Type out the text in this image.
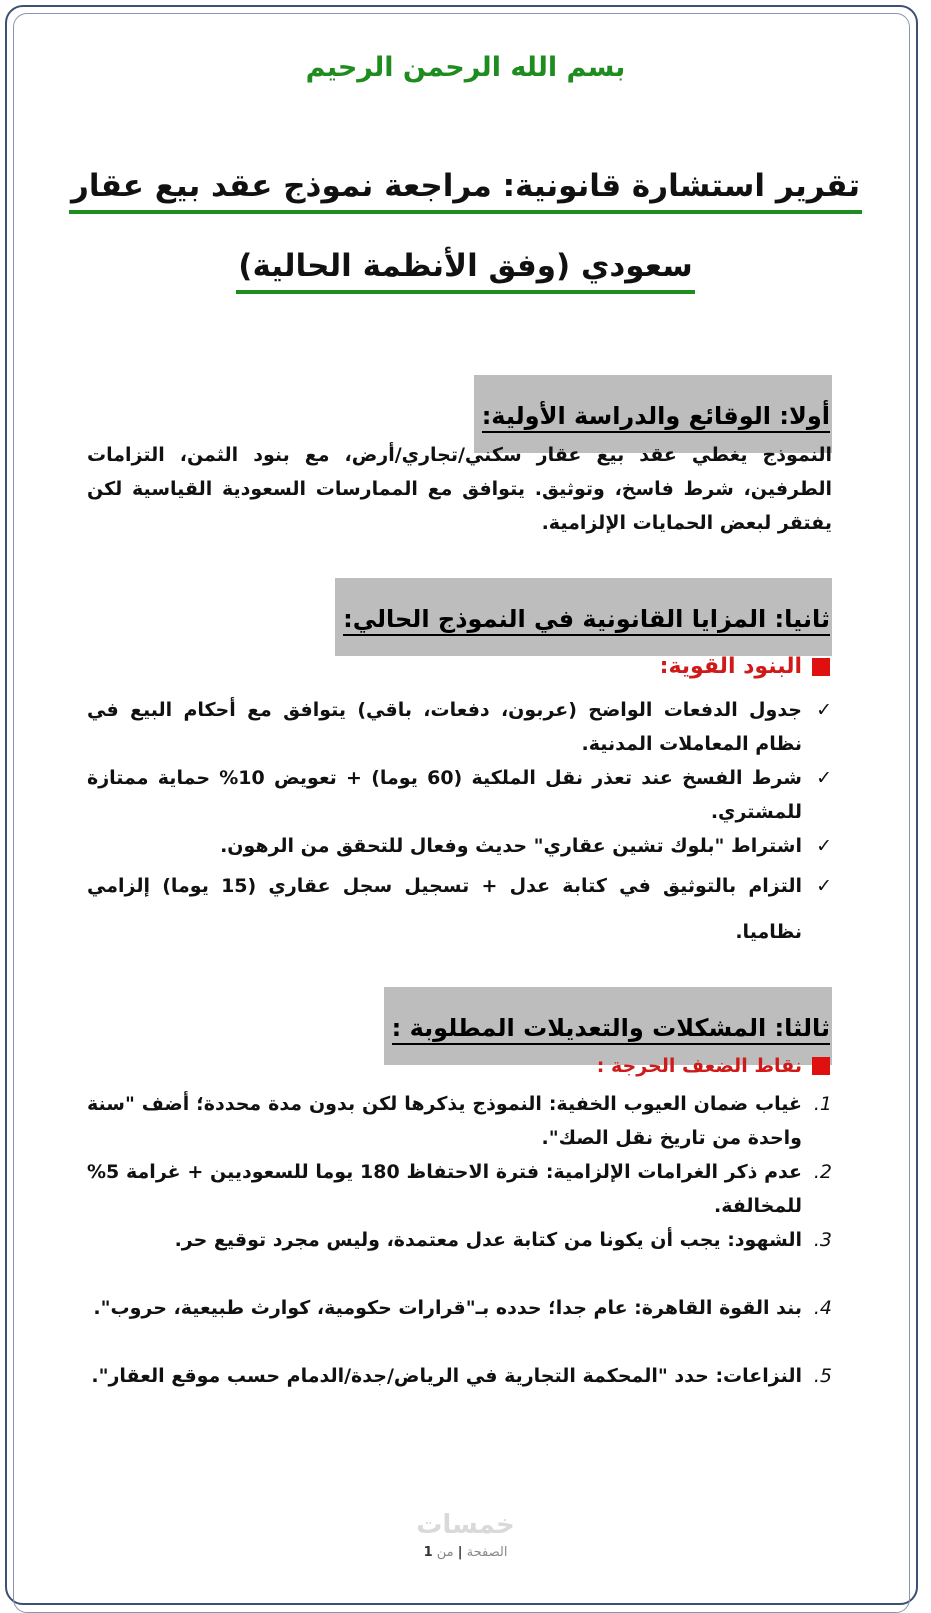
بسم الله الرحمن الرحيم
تقرير استشارة قانونية: مراجعة نموذج عقد بيع عقار
سعودي (وفق الأنظمة الحالية)
أولا: الوقائع والدراسة الأولية:
النموذج يغطي عقد بيع عقار سكني/تجاري/أرض، مع بنود الثمن، التزامات الطرفين، شرط فاسخ، وتوثيق. يتوافق مع الممارسات السعودية القياسية لكن يفتقر لبعض الحمايات الإلزامية.
ثانيا: المزايا القانونية في النموذج الحالي:
البنود القوية:
✓
جدول الدفعات الواضح (عربون، دفعات، باقي) يتوافق مع أحكام البيع في نظام المعاملات المدنية.
✓
شرط الفسخ عند تعذر نقل الملكية (60 يوما) + تعويض 10% حماية ممتازة للمشتري.
✓
اشتراط "بلوك تشين عقاري" حديث وفعال للتحقق من الرهون.
✓
التزام بالتوثيق في كتابة عدل + تسجيل سجل عقاري (15 يوما) إلزامي نظاميا.
ثالثا: المشكلات والتعديلات المطلوبة :
نقاط الضعف الحرجة :
1.
غياب ضمان العيوب الخفية: النموذج يذكرها لكن بدون مدة محددة؛ أضف "سنة واحدة من تاريخ نقل الصك".
2.
عدم ذكر الغرامات الإلزامية: فترة الاحتفاظ 180 يوما للسعوديين + غرامة 5% للمخالفة.
3.
الشهود: يجب أن يكونا من كتابة عدل معتمدة، وليس مجرد توقيع حر.
4.
بند القوة القاهرة: عام جدا؛ حدده بـ"قرارات حكومية، كوارث طبيعية، حروب".
5.
النزاعات: حدد "المحكمة التجارية في الرياض/جدة/الدمام حسب موقع العقار".
خمسات
الصفحة | من 1
